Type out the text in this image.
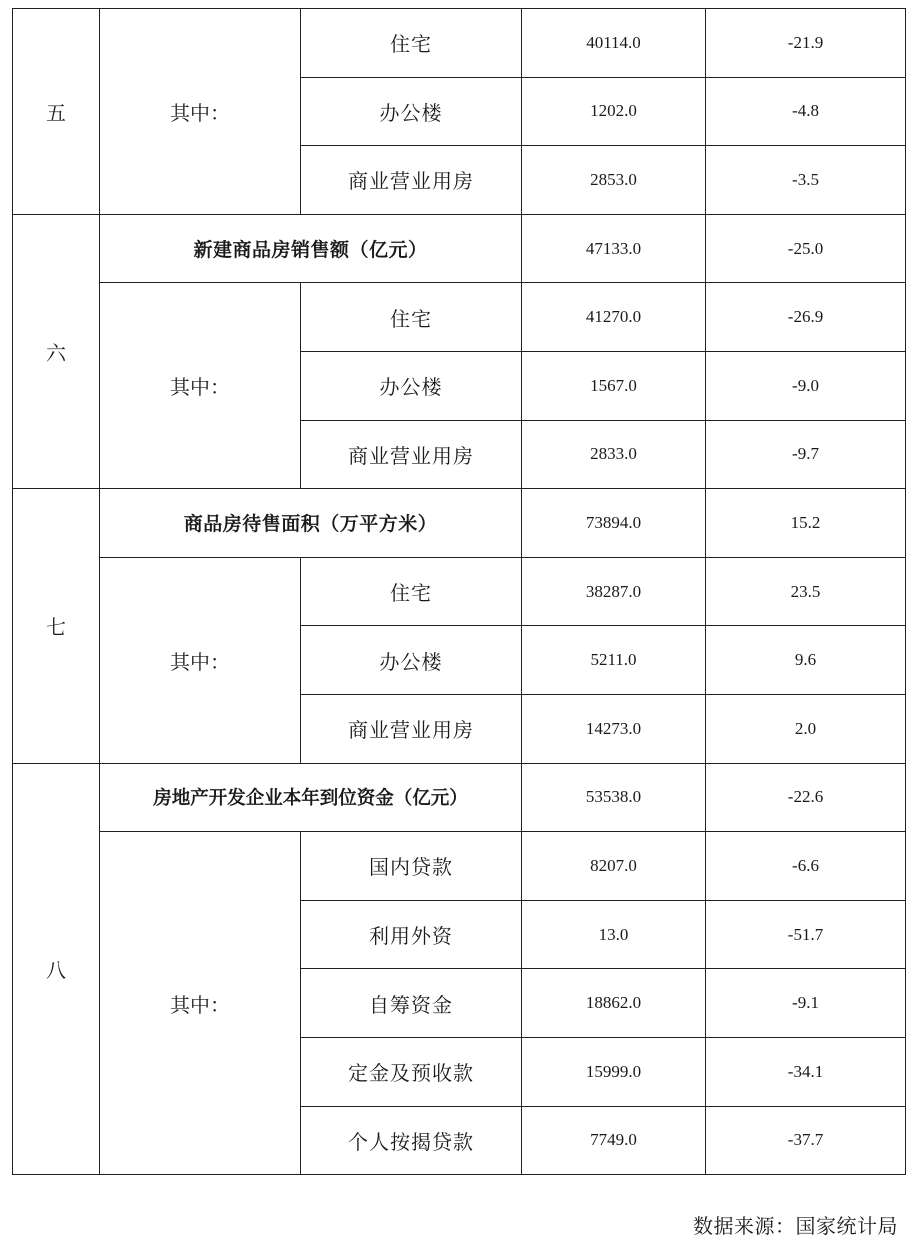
五	其中：	住宅	40114.0	-21.9
		办公楼	1202.0	-4.8
		商业营业用房	2853.0	-3.5
六	新建商品房销售额（亿元）		47133.0	-25.0
	其中：	住宅	41270.0	-26.9
		办公楼	1567.0	-9.0
		商业营业用房	2833.0	-9.7
七	商品房待售面积（万平方米）		73894.0	15.2
	其中：	住宅	38287.0	23.5
		办公楼	5211.0	9.6
		商业营业用房	14273.0	2.0
八	房地产开发企业本年到位资金（亿元）		53538.0	-22.6
	其中：	国内贷款	8207.0	-6.6
		利用外资	13.0	-51.7
		自筹资金	18862.0	-9.1
		定金及预收款	15999.0	-34.1
		个人按揭贷款	7749.0	-37.7
数据来源：国家统计局
